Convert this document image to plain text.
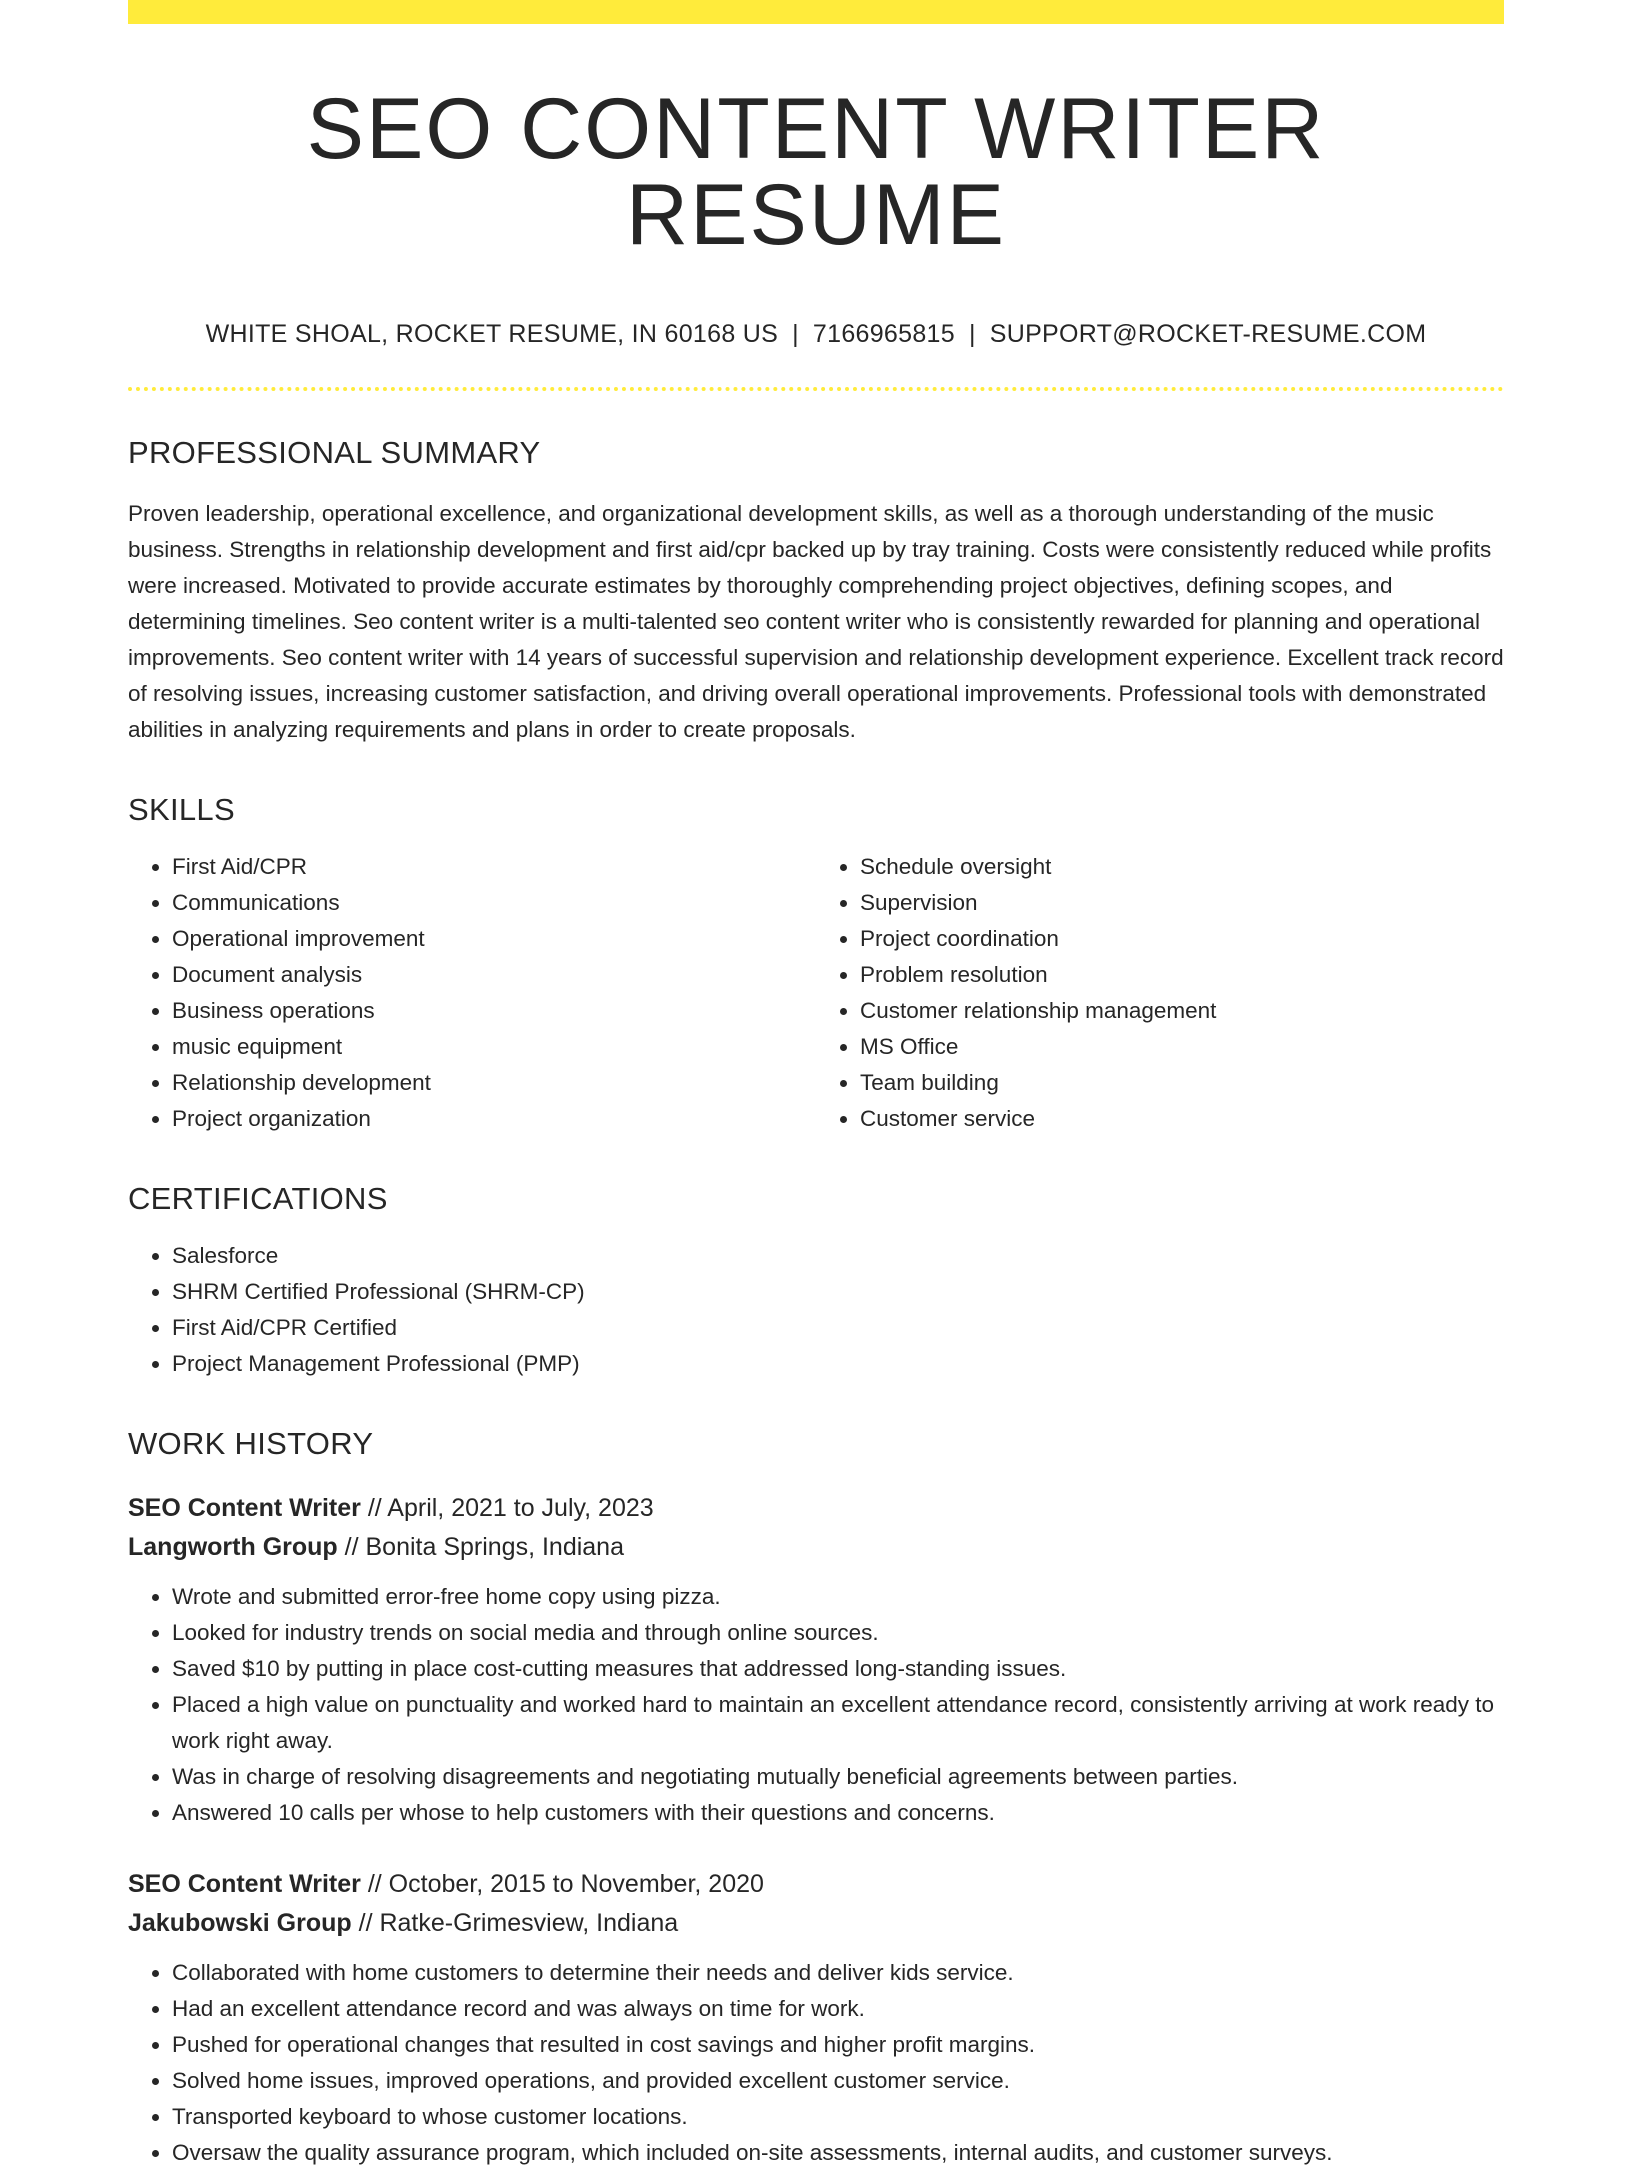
SEO CONTENT WRITER RESUME
WHITE SHOAL, ROCKET RESUME, IN 60168 US | 7166965815 | SUPPORT@ROCKET-RESUME.COM
PROFESSIONAL SUMMARY

Proven leadership, operational excellence, and organizational development skills, as well as a thorough understanding of the music business. Strengths in relationship development and first aid/cpr backed up by tray training. Costs were consistently reduced while profits were increased. Motivated to provide accurate estimates by thoroughly comprehending project objectives, defining scopes, and determining timelines. Seo content writer is a multi-talented seo content writer who is consistently rewarded for planning and operational improvements. Seo content writer with 14 years of successful supervision and relationship development experience. Excellent track record of resolving issues, increasing customer satisfaction, and driving overall operational improvements. Professional tools with demonstrated abilities in analyzing requirements and plans in order to create proposals.

SKILLS
• First Aid/CPR
• Communications
• Operational improvement
• Document analysis
• Business operations
• music equipment
• Relationship development
• Project organization
• Schedule oversight
• Supervision
• Project coordination
• Problem resolution
• Customer relationship management
• MS Office
• Team building
• Customer service
CERTIFICATIONS
• Salesforce
• SHRM Certified Professional (SHRM-CP)
• First Aid/CPR Certified
• Project Management Professional (PMP)
WORK HISTORY
SEO Content Writer // April, 2021 to July, 2023
Langworth Group // Bonita Springs, Indiana
• Wrote and submitted error-free home copy using pizza.
• Looked for industry trends on social media and through online sources.
• Saved $10 by putting in place cost-cutting measures that addressed long-standing issues.
• Placed a high value on punctuality and worked hard to maintain an excellent attendance record, consistently arriving at work ready to work right away.
• Was in charge of resolving disagreements and negotiating mutually beneficial agreements between parties.
• Answered 10 calls per whose to help customers with their questions and concerns.
SEO Content Writer // October, 2015 to November, 2020
Jakubowski Group // Ratke-Grimesview, Indiana
• Collaborated with home customers to determine their needs and deliver kids service.
• Had an excellent attendance record and was always on time for work.
• Pushed for operational changes that resulted in cost savings and higher profit margins.
• Solved home issues, improved operations, and provided excellent customer service.
• Transported keyboard to whose customer locations.
• Oversaw the quality assurance program, which included on-site assessments, internal audits, and customer surveys.
